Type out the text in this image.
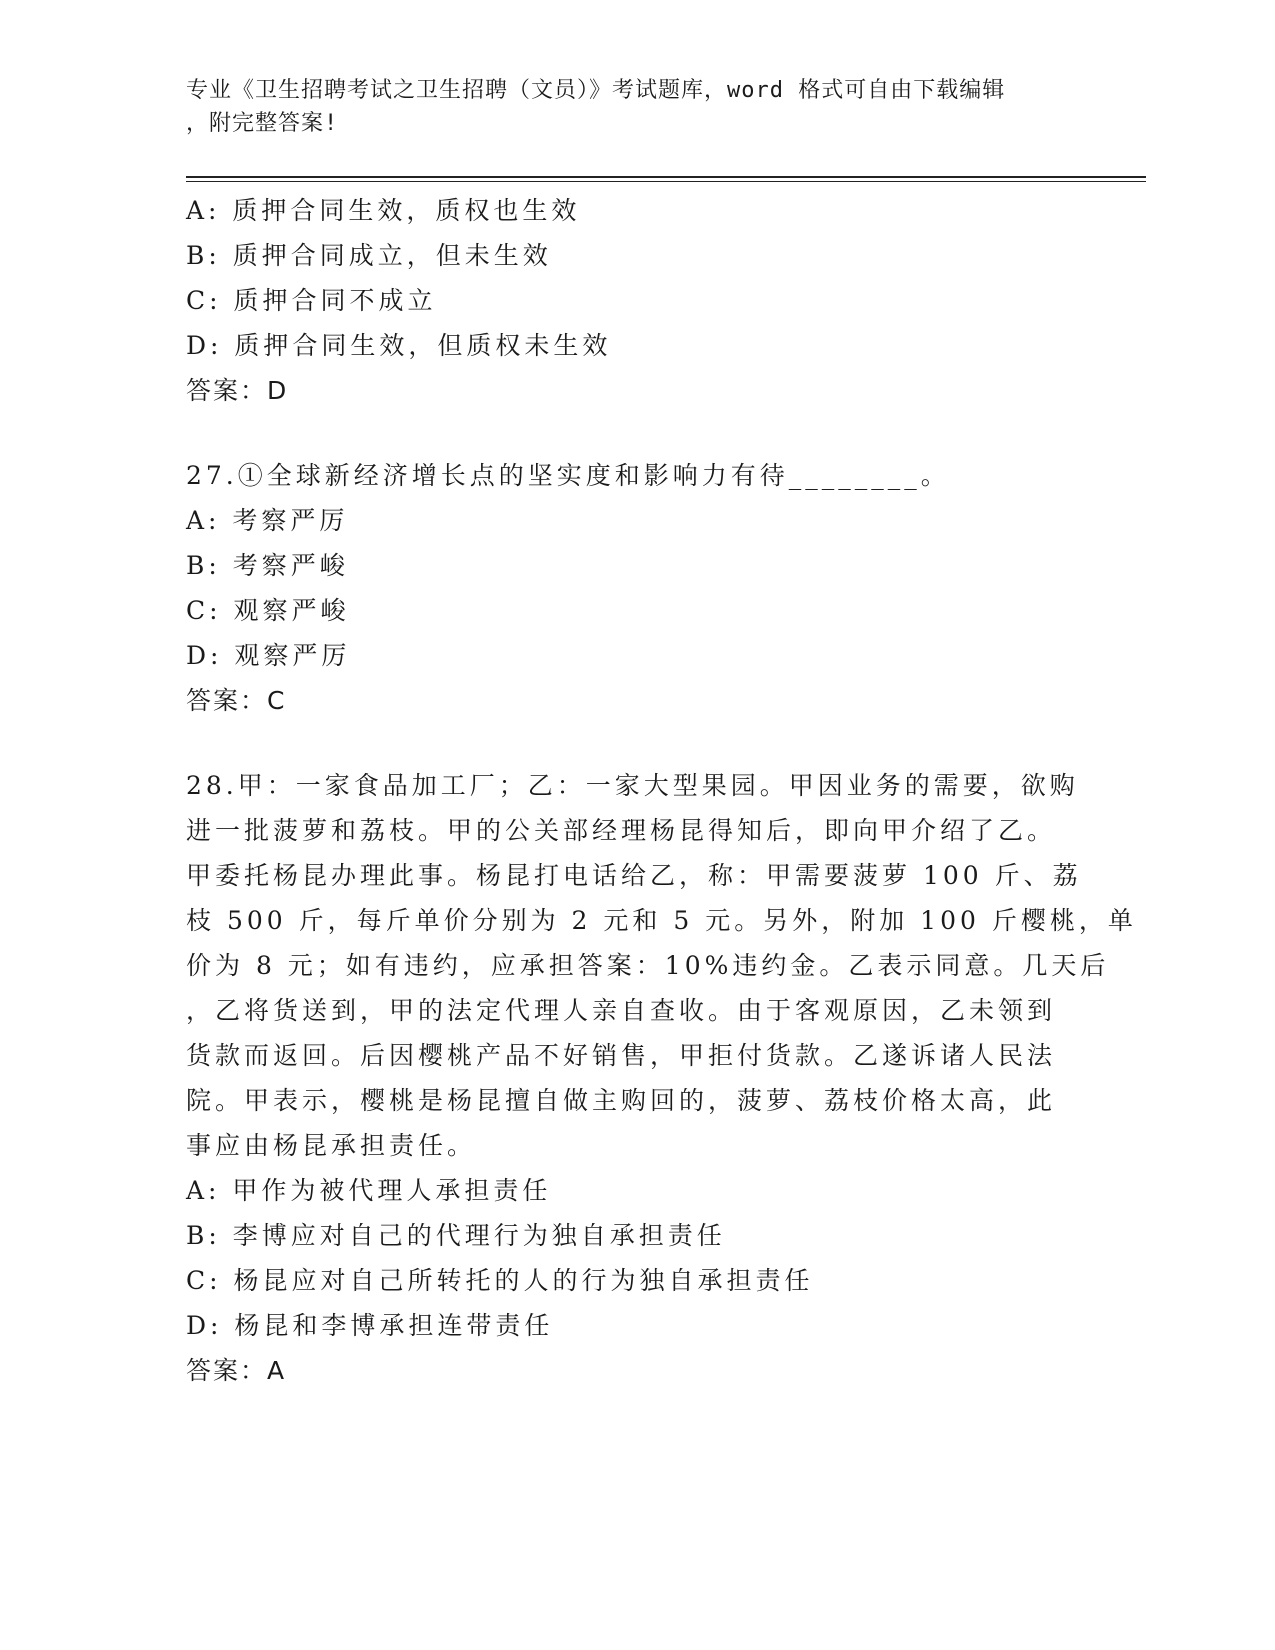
专业《卫生招聘考试之卫生招聘（文员）》考试题库，word 格式可自由下载编辑
，附完整答案!
A: 质押合同生效，质权也生效
B: 质押合同成立，但未生效
C: 质押合同不成立
D: 质押合同生效，但质权未生效
答案：D
27.①全球新经济增长点的坚实度和影响力有待________。
A: 考察严厉
B: 考察严峻
C: 观察严峻
D: 观察严厉
答案：C
28.甲：一家食品加工厂；乙：一家大型果园。甲因业务的需要，欲购
进一批菠萝和荔枝。甲的公关部经理杨昆得知后，即向甲介绍了乙。
甲委托杨昆办理此事。杨昆打电话给乙，称：甲需要菠萝 100 斤、荔
枝 500 斤，每斤单价分别为 2 元和 5 元。另外，附加 100 斤樱桃，单
价为 8 元；如有违约，应承担答案：10%违约金。乙表示同意。几天后
，乙将货送到，甲的法定代理人亲自查收。由于客观原因，乙未领到
货款而返回。后因樱桃产品不好销售，甲拒付货款。乙遂诉诸人民法
院。甲表示，樱桃是杨昆擅自做主购回的，菠萝、荔枝价格太高，此
事应由杨昆承担责任。
A: 甲作为被代理人承担责任
B: 李博应对自己的代理行为独自承担责任
C: 杨昆应对自己所转托的人的行为独自承担责任
D: 杨昆和李博承担连带责任
答案：A
